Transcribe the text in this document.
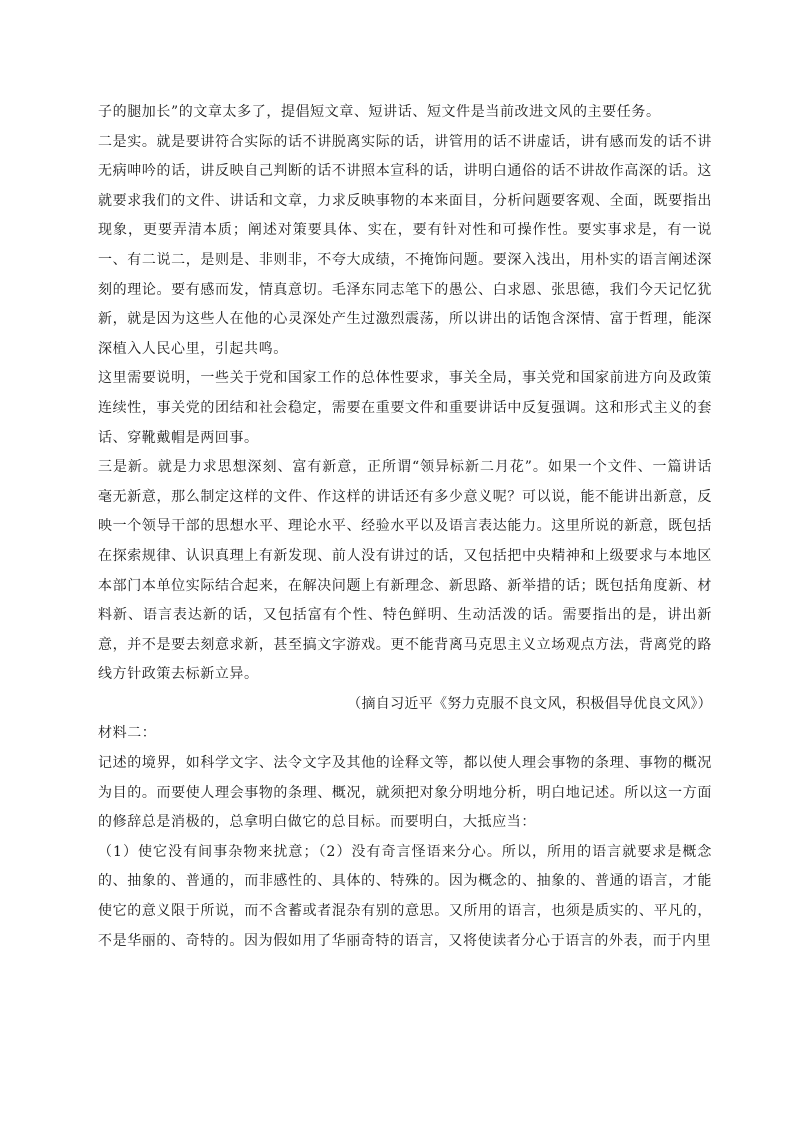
子的腿加长”的文章太多了，提倡短文章、短讲话、短文件是当前改进文风的主要任务。

二是实。就是要讲符合实际的话不讲脱离实际的话，讲管用的话不讲虚话，讲有感而发的话不讲无病呻吟的话，讲反映自己判断的话不讲照本宣科的话，讲明白通俗的话不讲故作高深的话。这就要求我们的文件、讲话和文章，力求反映事物的本来面目，分析问题要客观、全面，既要指出现象，更要弄清本质；阐述对策要具体、实在，要有针对性和可操作性。要实事求是，有一说一、有二说二，是则是、非则非，不夸大成绩，不掩饰问题。要深入浅出，用朴实的语言阐述深刻的理论。要有感而发，情真意切。毛泽东同志笔下的愚公、白求恩、张思德，我们今天记忆犹新，就是因为这些人在他的心灵深处产生过激烈震荡，所以讲出的话饱含深情、富于哲理，能深深植入人民心里，引起共鸣。

这里需要说明，一些关于党和国家工作的总体性要求，事关全局，事关党和国家前进方向及政策连续性，事关党的团结和社会稳定，需要在重要文件和重要讲话中反复强调。这和形式主义的套话、穿靴戴帽是两回事。

三是新。就是力求思想深刻、富有新意，正所谓“领异标新二月花”。如果一个文件、一篇讲话毫无新意，那么制定这样的文件、作这样的讲话还有多少意义呢？可以说，能不能讲出新意，反映一个领导干部的思想水平、理论水平、经验水平以及语言表达能力。这里所说的新意，既包括在探索规律、认识真理上有新发现、前人没有讲过的话，又包括把中央精神和上级要求与本地区本部门本单位实际结合起来，在解决问题上有新理念、新思路、新举措的话；既包括角度新、材料新、语言表达新的话，又包括富有个性、特色鲜明、生动活泼的话。需要指出的是，讲出新意，并不是要去刻意求新，甚至搞文字游戏。更不能背离马克思主义立场观点方法，背离党的路线方针政策去标新立异。

（摘自习近平《努力克服不良文风，积极倡导优良文风》）

材料二：

记述的境界，如科学文字、法令文字及其他的诠释文等，都以使人理会事物的条理、事物的概况为目的。而要使人理会事物的条理、概况，就须把对象分明地分析，明白地记述。所以这一方面的修辞总是消极的，总拿明白做它的总目标。而要明白，大抵应当：

（1）使它没有间事杂物来扰意；（2）没有奇言怪语来分心。所以，所用的语言就要求是概念的、抽象的、普通的，而非感性的、具体的、特殊的。因为概念的、抽象的、普通的语言，才能使它的意义限于所说，而不含蓄或者混杂有别的意思。又所用的语言，也须是质实的、平凡的，不是华丽的、奇特的。因为假如用了华丽奇特的语言，又将使读者分心于语言的外表，而于内里
